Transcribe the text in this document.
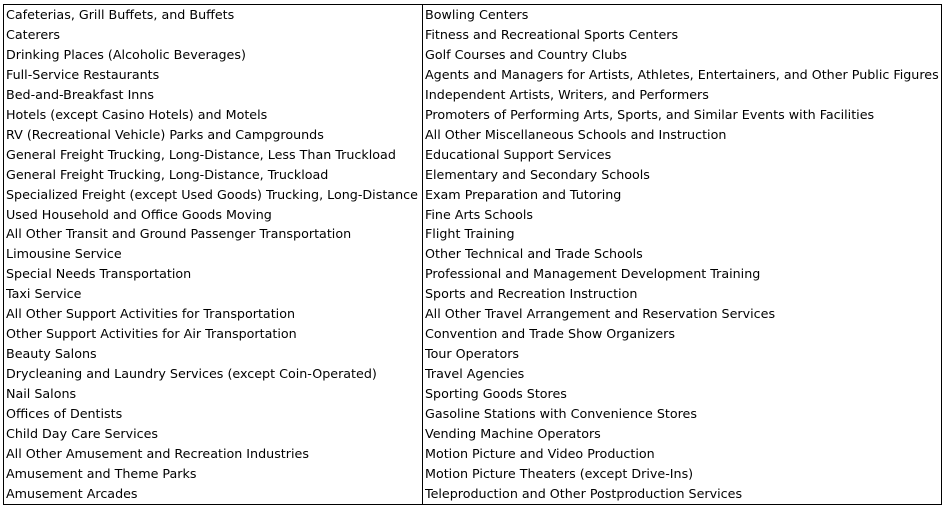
Cafeterias, Grill Buffets, and Buffets
Caterers
Drinking Places (Alcoholic Beverages)
Full-Service Restaurants
Bed-and-Breakfast Inns
Hotels (except Casino Hotels) and Motels
RV (Recreational Vehicle) Parks and Campgrounds
General Freight Trucking, Long-Distance, Less Than Truckload
General Freight Trucking, Long-Distance, Truckload
Specialized Freight (except Used Goods) Trucking, Long-Distance
Used Household and Office Goods Moving
All Other Transit and Ground Passenger Transportation
Limousine Service
Special Needs Transportation
Taxi Service
All Other Support Activities for Transportation
Other Support Activities for Air Transportation
Beauty Salons
Drycleaning and Laundry Services (except Coin-Operated)
Nail Salons
Offices of Dentists
Child Day Care Services
All Other Amusement and Recreation Industries
Amusement and Theme Parks
Amusement Arcades
Bowling Centers
Fitness and Recreational Sports Centers
Golf Courses and Country Clubs
Agents and Managers for Artists, Athletes, Entertainers, and Other Public Figures
Independent Artists, Writers, and Performers
Promoters of Performing Arts, Sports, and Similar Events with Facilities
All Other Miscellaneous Schools and Instruction
Educational Support Services
Elementary and Secondary Schools
Exam Preparation and Tutoring
Fine Arts Schools
Flight Training
Other Technical and Trade Schools
Professional and Management Development Training
Sports and Recreation Instruction
All Other Travel Arrangement and Reservation Services
Convention and Trade Show Organizers
Tour Operators
Travel Agencies
Sporting Goods Stores
Gasoline Stations with Convenience Stores
Vending Machine Operators
Motion Picture and Video Production
Motion Picture Theaters (except Drive-Ins)
Teleproduction and Other Postproduction Services
